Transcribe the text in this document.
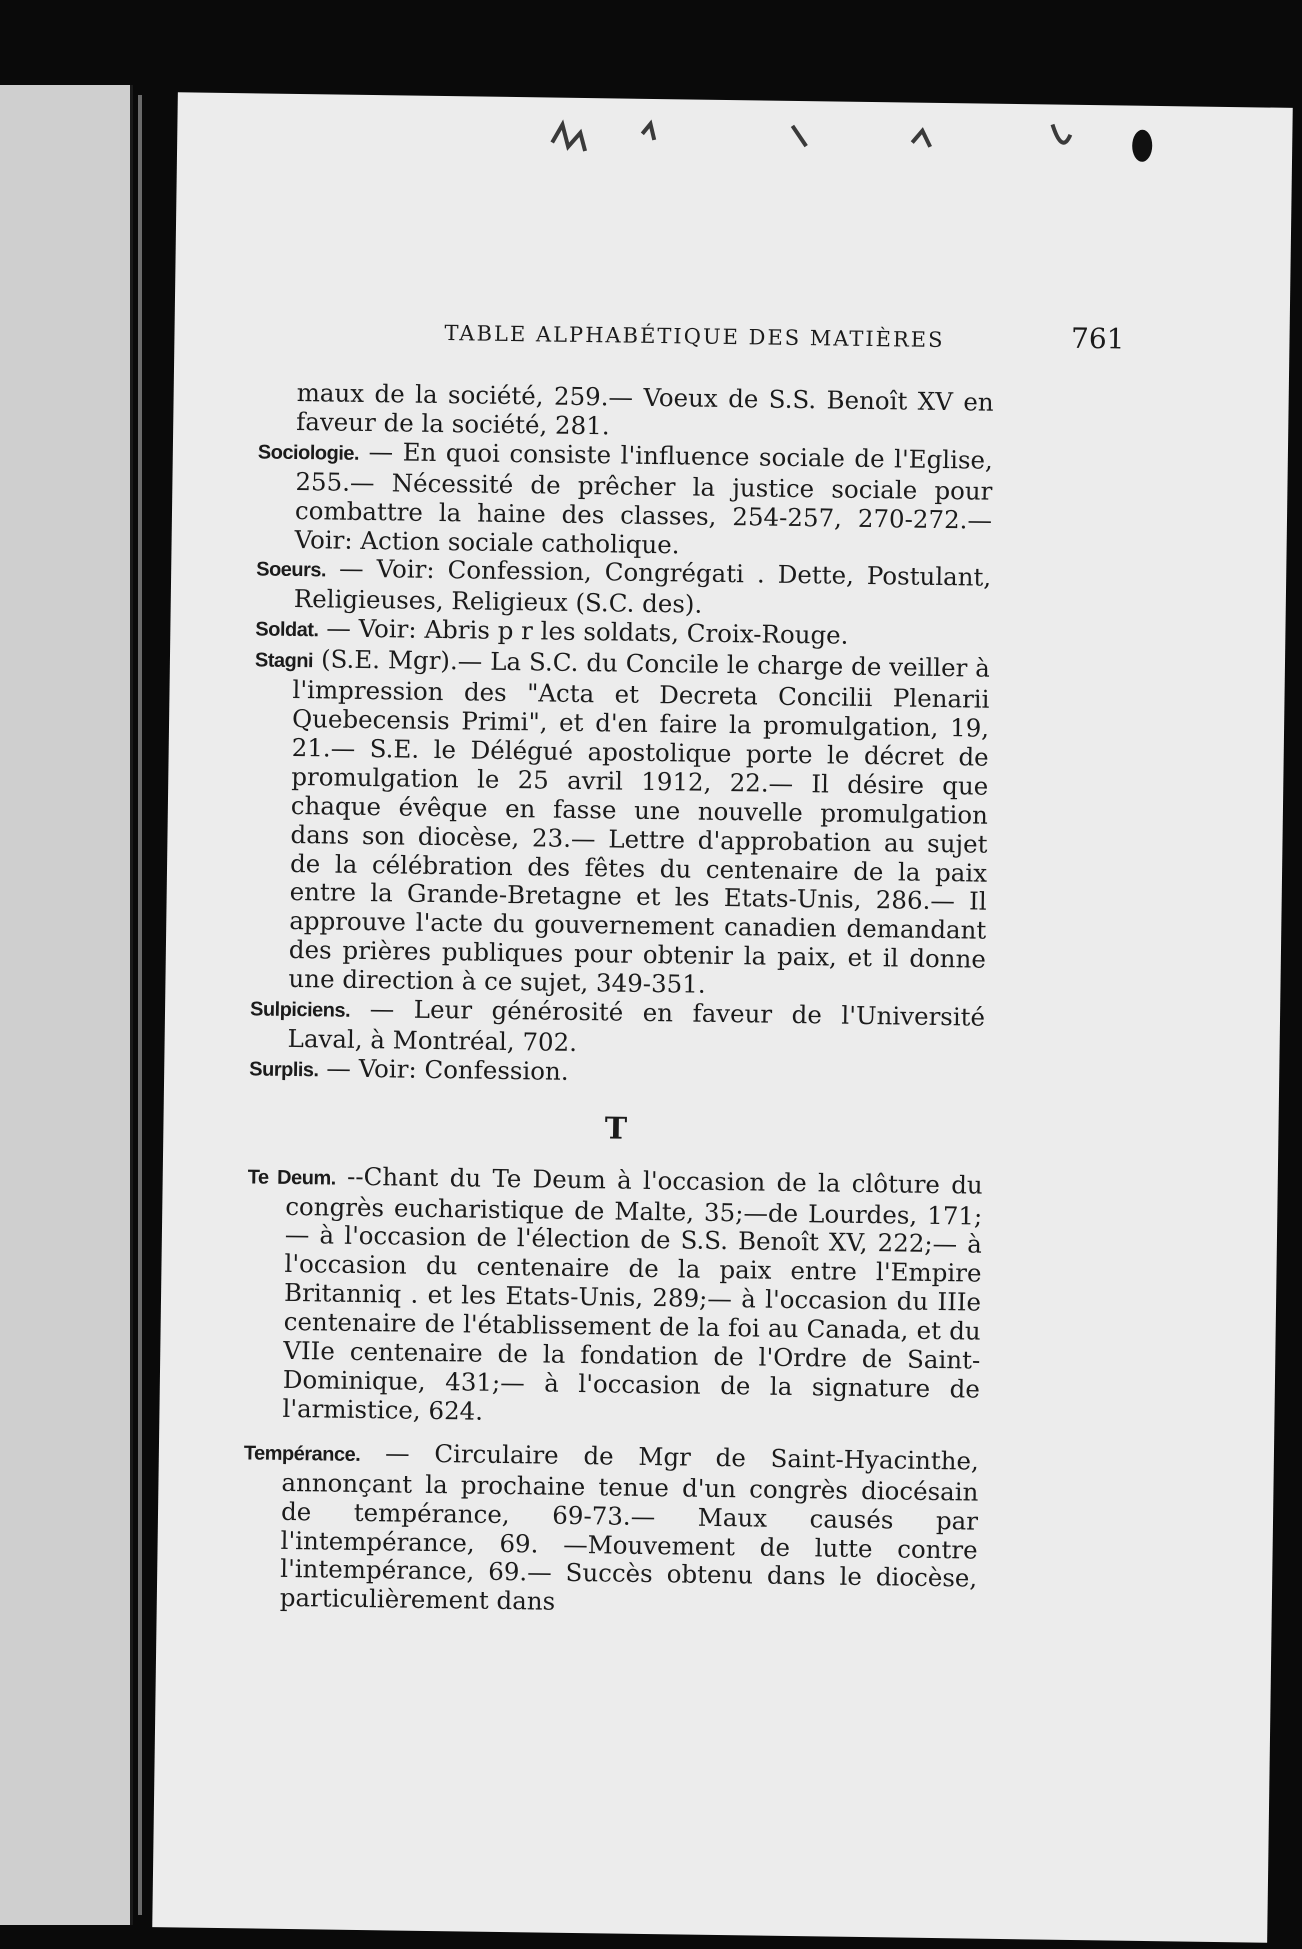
TABLE ALPHABÉTIQUE DES MATIÈRES	761

maux de la société, 259.— Voeux de S.S. Benoît XV en faveur de la société, 281.

Sociologie. — En quoi consiste l'influence sociale de l'Eglise, 255.— Nécessité de prêcher la justice sociale pour combattre la haine des classes, 254-257, 270-272.— Voir: Action sociale catholique.

Soeurs. — Voir: Confession, Congrégati . Dette, Postulant, Religieuses, Religieux (S.C. des).

Soldat. — Voir: Abris p r les soldats, Croix-Rouge.

Stagni (S.E. Mgr).— La S.C. du Concile le charge de veiller à l'impression des "Acta et Decreta Concilii Plenarii Quebecensis Primi", et d'en faire la promulgation, 19, 21.— S.E. le Délégué apostolique porte le décret de promulgation le 25 avril 1912, 22.— Il désire que chaque évêque en fasse une nouvelle promulgation dans son diocèse, 23.— Lettre d'approbation au sujet de la célébration des fêtes du centenaire de la paix entre la Grande-Bretagne et les Etats-Unis, 286.— Il approuve l'acte du gouvernement canadien demandant des prières publiques pour obtenir la paix, et il donne une direction à ce sujet, 349-351.

Sulpiciens. — Leur générosité en faveur de l'Université Laval, à Montréal, 702.

Surplis. — Voir: Confession.

T

Te Deum. --Chant du Te Deum à l'occasion de la clôture du congrès eucharistique de Malte, 35;—de Lourdes, 171;— à l'occasion de l'élection de S.S. Benoît XV, 222;— à l'occasion du centenaire de la paix entre l'Empire Britanniq . et les Etats-Unis, 289;— à l'occasion du IIIe centenaire de l'établissement de la foi au Canada, et du VIIe centenaire de la fondation de l'Ordre de Saint-Dominique, 431;— à l'occasion de la signature de l'armistice, 624.

Tempérance. — Circulaire de Mgr de Saint-Hyacinthe, annonçant la prochaine tenue d'un congrès diocésain de tempérance, 69-73.— Maux causés par l'intempérance, 69. —Mouvement de lutte contre l'intempérance, 69.— Succès obtenu dans le diocèse, particulièrement dans
